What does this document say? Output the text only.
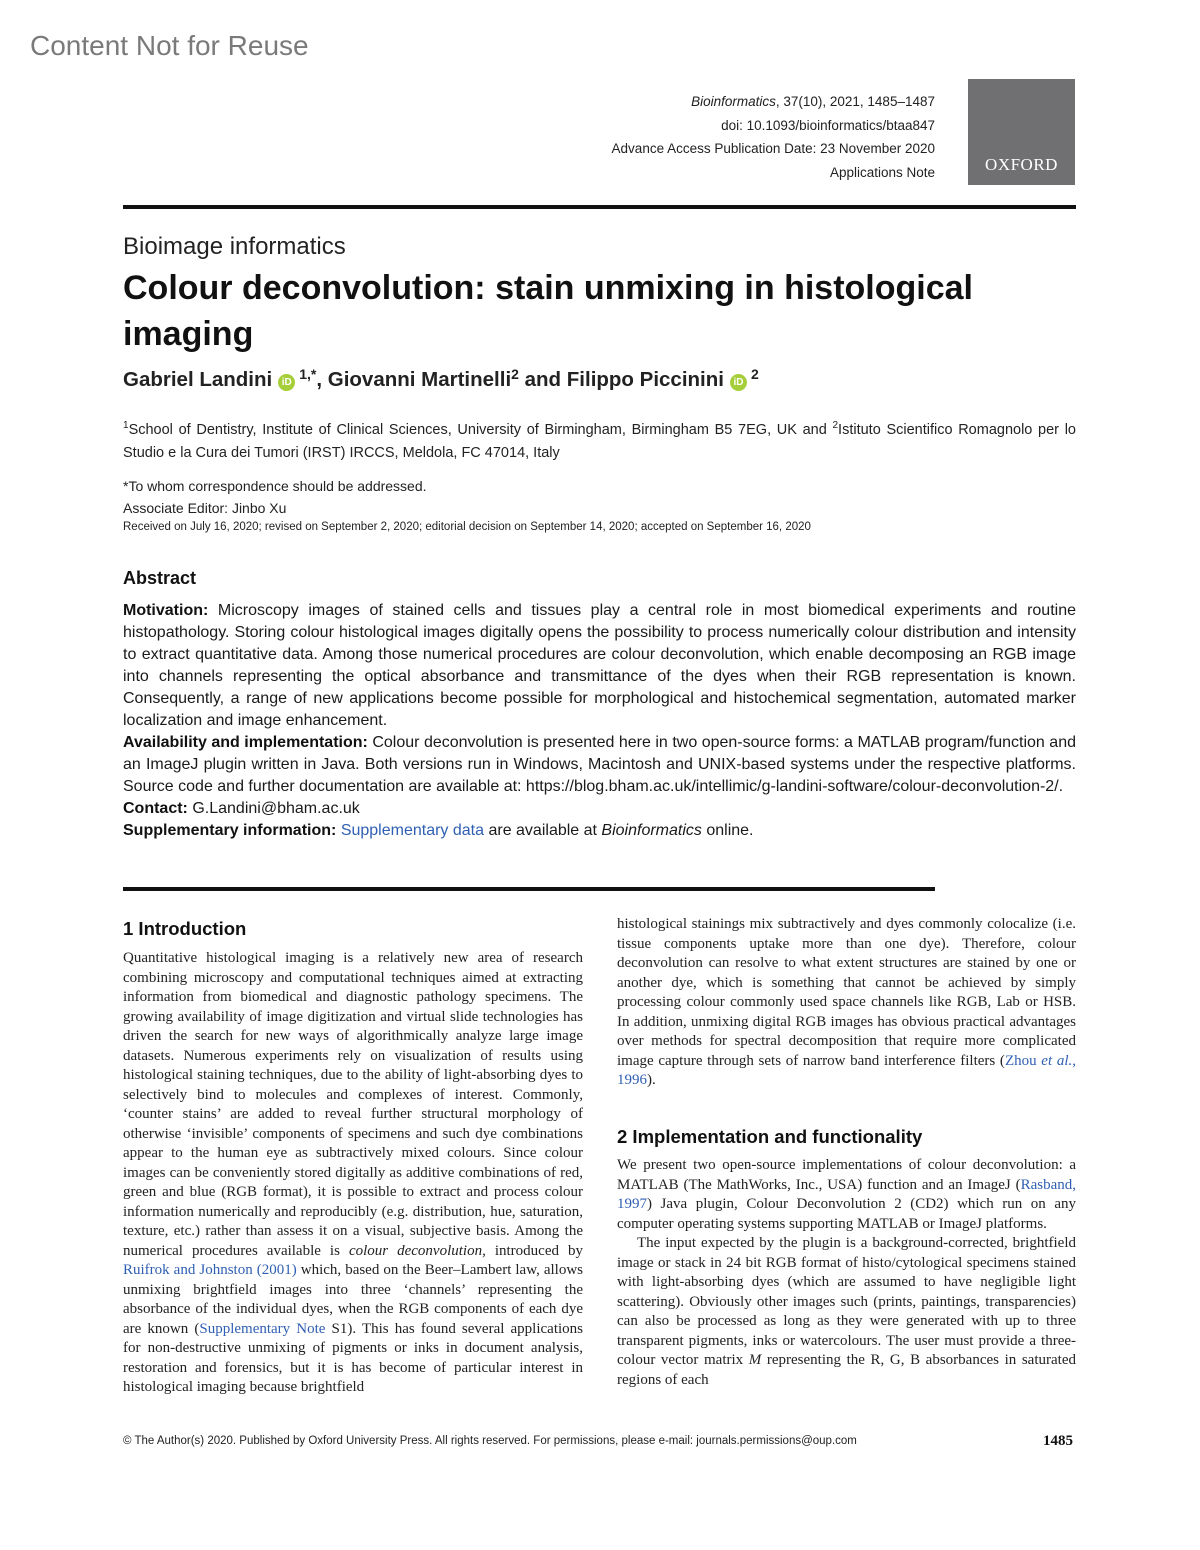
Content Not for Reuse
Bioinformatics, 37(10), 2021, 1485–1487
doi: 10.1093/bioinformatics/btaa847
Advance Access Publication Date: 23 November 2020
Applications Note	OXFORD
Bioimage informatics
Colour deconvolution: stain unmixing in histological imaging
Gabriel Landini $iD^{1,*}$, Giovanni Martinelli$^2$ and Filippo Piccinini $iD^2$
$^1$School of Dentistry, Institute of Clinical Sciences, University of Birmingham, Birmingham B5 7EG, UK and $^2$Istituto Scientifico Romagnolo per lo Studio e la Cura dei Tumori (IRST) IRCCS, Meldola, FC 47014, Italy
*To whom correspondence should be addressed.
Associate Editor: Jinbo Xu
Received on July 16, 2020; revised on September 2, 2020; editorial decision on September 14, 2020; accepted on September 16, 2020
Abstract

Motivation: Microscopy images of stained cells and tissues play a central role in most biomedical experiments and routine histopathology. Storing colour histological images digitally opens the possibility to process numerically colour distribution and intensity to extract quantitative data. Among those numerical procedures are colour deconvolution, which enable decomposing an RGB image into channels representing the optical absorbance and transmittance of the dyes when their RGB representation is known. Consequently, a range of new applications become possible for morphological and histochemical segmentation, automated marker localization and image enhancement.

Availability and implementation: Colour deconvolution is presented here in two open-source forms: a MATLAB program/function and an ImageJ plugin written in Java. Both versions run in Windows, Macintosh and UNIX-based systems under the respective platforms. Source code and further documentation are available at: https://blog.bham.ac.uk/intellimic/g-landini-software/colour-deconvolution-2/.

Contact: G.Landini@bham.ac.uk

Supplementary information: Supplementary data are available at Bioinformatics online.

1 Introduction

Quantitative histological imaging is a relatively new area of research combining microscopy and computational techniques aimed at extracting information from biomedical and diagnostic pathology specimens. The growing availability of image digitization and virtual slide technologies has driven the search for new ways of algorithmically analyze large image datasets. Numerous experiments rely on visualization of results using histological staining techniques, due to the ability of light-absorbing dyes to selectively bind to molecules and complexes of interest. Commonly, ‘counter stains’ are added to reveal further structural morphology of otherwise ‘invisible’ components of specimens and such dye combinations appear to the human eye as subtractively mixed colours. Since colour images can be conveniently stored digitally as additive combinations of red, green and blue (RGB format), it is possible to extract and process colour information numerically and reproducibly (e.g. distribution, hue, saturation, texture, etc.) rather than assess it on a visual, subjective basis. Among the numerical procedures available is colour deconvolution, introduced by Ruifrok and Johnston (2001) which, based on the Beer–Lambert law, allows unmixing brightfield images into three ‘channels’ representing the absorbance of the individual dyes, when the RGB components of each dye are known (Supplementary Note S1). This has found several applications for non-destructive unmixing of pigments or inks in document analysis, restoration and forensics, but it is has become of particular interest in histological imaging because brightfield

histological stainings mix subtractively and dyes commonly colocalize (i.e. tissue components uptake more than one dye). Therefore, colour deconvolution can resolve to what extent structures are stained by one or another dye, which is something that cannot be achieved by simply processing colour commonly used space channels like RGB, Lab or HSB. In addition, unmixing digital RGB images has obvious practical advantages over methods for spectral decomposition that require more complicated image capture through sets of narrow band interference filters (Zhou et al., 1996).

2 Implementation and functionality

We present two open-source implementations of colour deconvolution: a MATLAB (The MathWorks, Inc., USA) function and an ImageJ (Rasband, 1997) Java plugin, Colour Deconvolution 2 (CD2) which run on any computer operating systems supporting MATLAB or ImageJ platforms.

The input expected by the plugin is a background-corrected, brightfield image or stack in 24 bit RGB format of histo/cytological specimens stained with light-absorbing dyes (which are assumed to have negligible light scattering). Obviously other images such (prints, paintings, transparencies) can also be processed as long as they were generated with up to three transparent pigments, inks or watercolours. The user must provide a three-colour vector matrix M representing the R, G, B absorbances in saturated regions of each

© The Author(s) 2020. Published by Oxford University Press. All rights reserved. For permissions, please e-mail: journals.permissions@oup.com	1485
